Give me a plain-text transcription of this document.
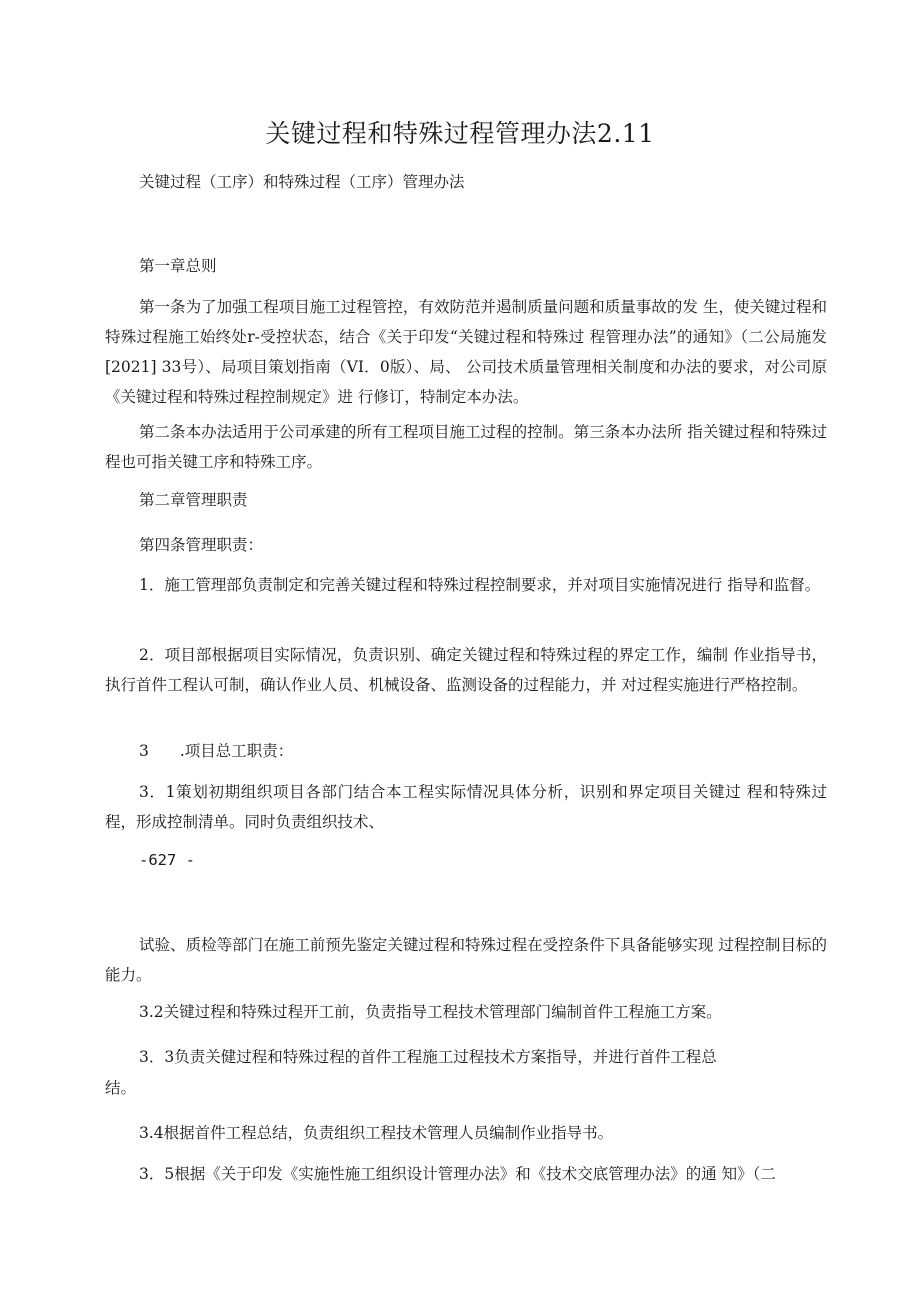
关键过程和特殊过程管理办法2.11

关键过程（工序）和特殊过程（工序）管理办法

第一章总则

第一条为了加强工程项目施工过程管控，有效防范并遏制质量问题和质量事故的发 生，使关键过程和特殊过程施工始终处r-受控状态，结合《关于印发“关键过程和特殊过 程管理办法”的通知》（二公局施发[2021] 33号）、局项目策划指南（VI．0版）、局、 公司技术质量管理相关制度和办法的要求，对公司原《关键过程和特殊过程控制规定》进 行修订，特制定本办法。

第二条本办法适用于公司承建的所有工程项目施工过程的控制。第三条本办法所 指关键过程和特殊过程也可指关键工序和特殊工序。

第二章管理职责

第四条管理职责：

1．施工管理部负责制定和完善关键过程和特殊过程控制要求，并对项目实施情况进行 指导和监督。

2．项目部根据项目实际情况，负责识别、确定关键过程和特殊过程的界定工作，编制 作业指导书，执行首件工程认可制，确认作业人员、机械设备、监测设备的过程能力，并 对过程实施进行严格控制。

3　　.项目总工职责：

3．1策划初期组织项目各部门结合本工程实际情况具体分析，识别和界定项目关键过 程和特殊过程，形成控制清单。同时负责组织技术、

-627 -

试验、质检等部门在施工前预先鉴定关键过程和特殊过程在受控条件下具备能够实现 过程控制目标的能力。

3.2关键过程和特殊过程开工前，负责指导工程技术管理部门编制首件工程施工方案。

3．3负责关健过程和特殊过程的首件工程施工过程技术方案指导，并进行首件工程总

结。

3.4根据首件工程总结，负责组织工程技术管理人员编制作业指导书。

3．5根据《关于印发《实施性施工组织设计管理办法》和《技术交底管理办法》的通 知》（二
